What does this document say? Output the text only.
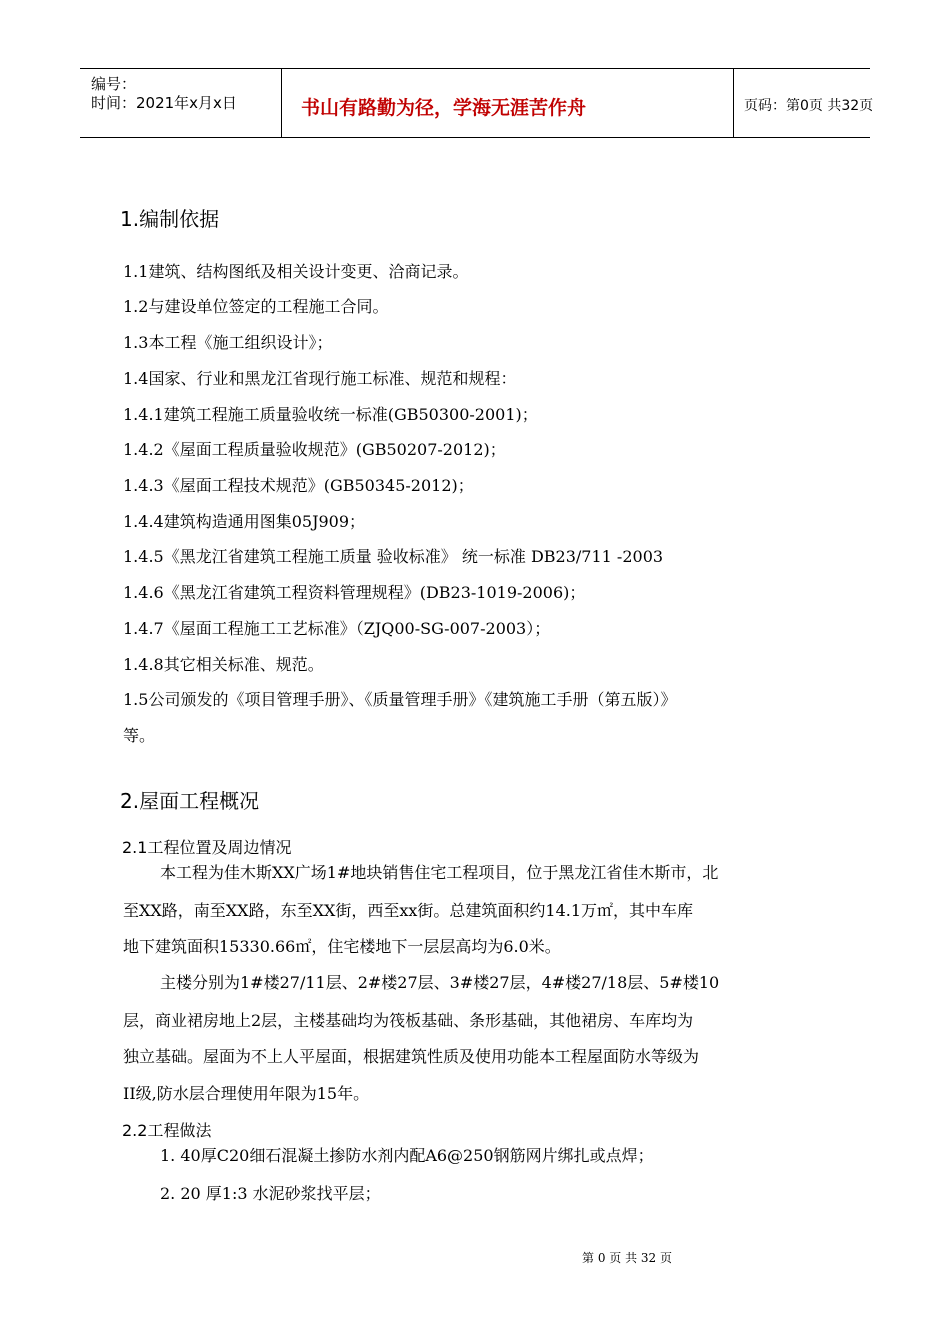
编号：
时间：2021年x月x日	书山有路勤为径，学海无涯苦作舟	页码：第0页 共32页
1.编制依据
1.1建筑、结构图纸及相关设计变更、洽商记录。
1.2与建设单位签定的工程施工合同。
1.3本工程《施工组织设计》；
1.4国家、行业和黑龙江省现行施工标准、规范和规程：
1.4.1建筑工程施工质量验收统一标准(GB50300-2001)；
1.4.2《屋面工程质量验收规范》(GB50207-2012)；
1.4.3《屋面工程技术规范》(GB50345-2012)；
1.4.4建筑构造通用图集05J909；
1.4.5《黑龙江省建筑工程施工质量 验收标准》 统一标准 DB23/711 -2003
1.4.6《黑龙江省建筑工程资料管理规程》(DB23-1019-2006)；
1.4.7《屋面工程施工工艺标准》（ZJQ00-SG-007-2003）；
1.4.8其它相关标准、规范。
1.5公司颁发的《项目管理手册》、《质量管理手册》《建筑施工手册（第五版）》
等。
2.屋面工程概况
2.1工程位置及周边情况
本工程为佳木斯XX广场1#地块销售住宅工程项目，位于黑龙江省佳木斯市，北
至XX路，南至XX路，东至XX街，西至xx街。总建筑面积约14.1万㎡，其中车库
地下建筑面积15330.66㎡，住宅楼地下一层层高均为6.0米。
主楼分别为1#楼27/11层、2#楼27层、3#楼27层，4#楼27/18层、5#楼10
层，商业裙房地上2层，主楼基础均为筏板基础、条形基础，其他裙房、车库均为
独立基础。屋面为不上人平屋面，根据建筑性质及使用功能本工程屋面防水等级为
II级,防水层合理使用年限为15年。
2.2工程做法
1. 40厚C20细石混凝土掺防水剂内配A6@250钢筋网片绑扎或点焊；
2. 20 厚1:3 水泥砂浆找平层；
第 0 页 共 32 页
